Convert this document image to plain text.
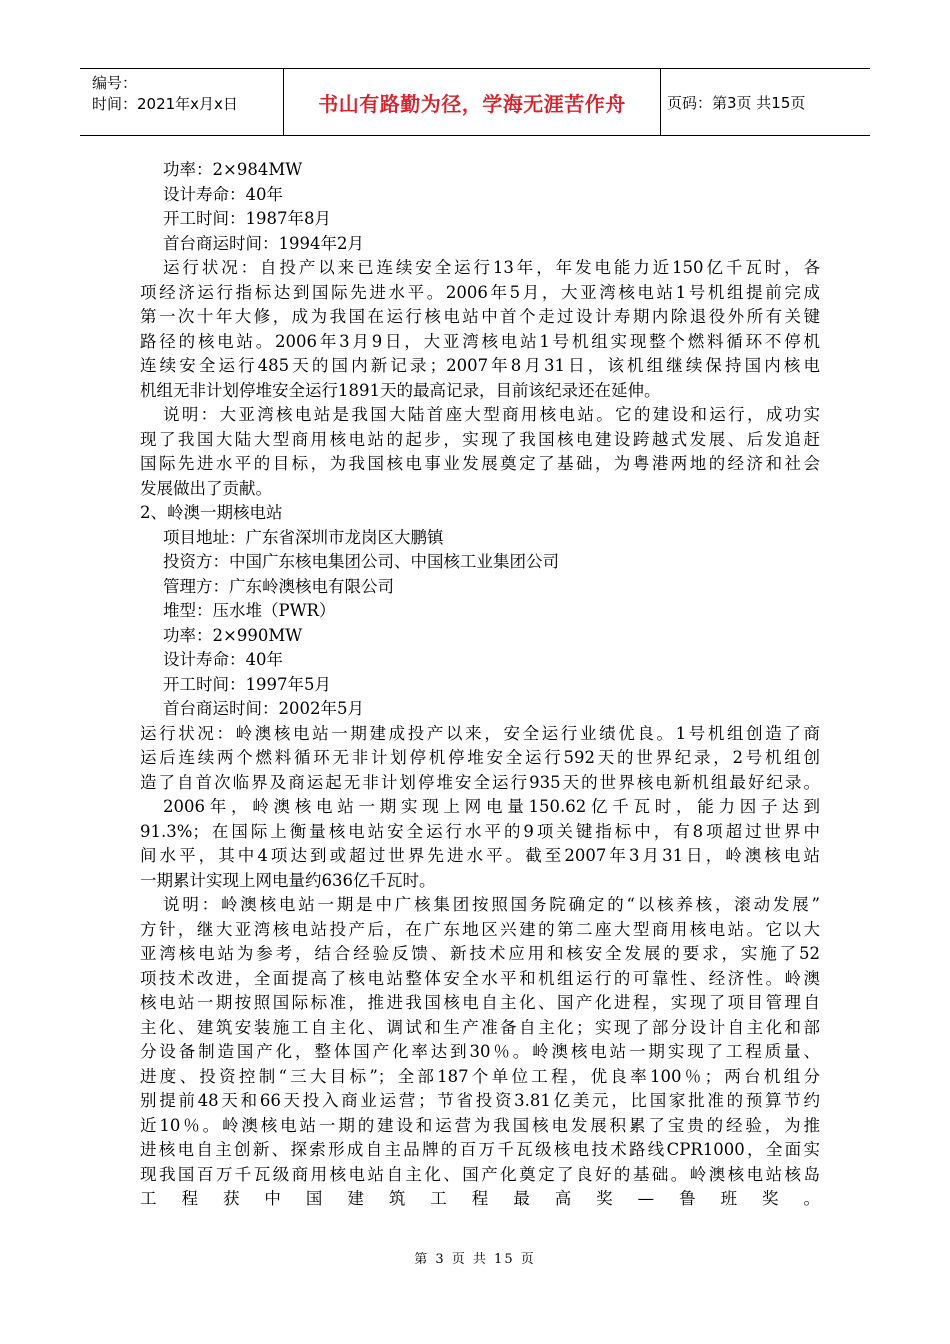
编号：
时间：2021年x月x日	书山有路勤为径，学海无涯苦作舟	页码：第3页 共15页
功率：2×984MW
设计寿命：40年
开工时间：1987年8月
首台商运时间：1994年2月
运行状况：自投产以来已连续安全运行13年，年发电能力近150亿千瓦时，各
项经济运行指标达到国际先进水平。2006年5月，大亚湾核电站1号机组提前完成
第一次十年大修，成为我国在运行核电站中首个走过设计寿期内除退役外所有关键
路径的核电站。2006年3月9日，大亚湾核电站1号机组实现整个燃料循环不停机
连续安全运行485天的国内新记录；2007年8月31日，该机组继续保持国内核电
机组无非计划停堆安全运行1891天的最高记录，目前该纪录还在延伸。
说明：大亚湾核电站是我国大陆首座大型商用核电站。它的建设和运行，成功实
现了我国大陆大型商用核电站的起步，实现了我国核电建设跨越式发展、后发追赶
国际先进水平的目标，为我国核电事业发展奠定了基础，为粤港两地的经济和社会
发展做出了贡献。
2、岭澳一期核电站
项目地址：广东省深圳市龙岗区大鹏镇
投资方：中国广东核电集团公司、中国核工业集团公司
管理方：广东岭澳核电有限公司
堆型：压水堆（PWR）
功率：2×990MW
设计寿命：40年
开工时间：1997年5月
首台商运时间：2002年5月
运行状况：岭澳核电站一期建成投产以来，安全运行业绩优良。1号机组创造了商
运后连续两个燃料循环无非计划停机停堆安全运行592天的世界纪录，2号机组创
造了自首次临界及商运起无非计划停堆安全运行935天的世界核电新机组最好纪录。
2006年，岭澳核电站一期实现上网电量150.62亿千瓦时，能力因子达到
91.3%；在国际上衡量核电站安全运行水平的9项关键指标中，有8项超过世界中
间水平，其中4项达到或超过世界先进水平。截至2007年3月31日，岭澳核电站
一期累计实现上网电量约636亿千瓦时。
说明：岭澳核电站一期是中广核集团按照国务院确定的“以核养核，滚动发展”
方针，继大亚湾核电站投产后，在广东地区兴建的第二座大型商用核电站。它以大
亚湾核电站为参考，结合经验反馈、新技术应用和核安全发展的要求，实施了52
项技术改进，全面提高了核电站整体安全水平和机组运行的可靠性、经济性。岭澳
核电站一期按照国际标准，推进我国核电自主化、国产化进程，实现了项目管理自
主化、建筑安装施工自主化、调试和生产准备自主化；实现了部分设计自主化和部
分设备制造国产化，整体国产化率达到30％。岭澳核电站一期实现了工程质量、
进度、投资控制“三大目标”；全部187个单位工程，优良率100％；两台机组分
别提前48天和66天投入商业运营；节省投资3.81亿美元，比国家批准的预算节约
近10％。岭澳核电站一期的建设和运营为我国核电发展积累了宝贵的经验，为推
进核电自主创新、探索形成自主品牌的百万千瓦级核电技术路线CPR1000，全面实
现我国百万千瓦级商用核电站自主化、国产化奠定了良好的基础。岭澳核电站核岛
工程获中国建筑工程最高奖—鲁班奖。
第 3 页 共 15 页
